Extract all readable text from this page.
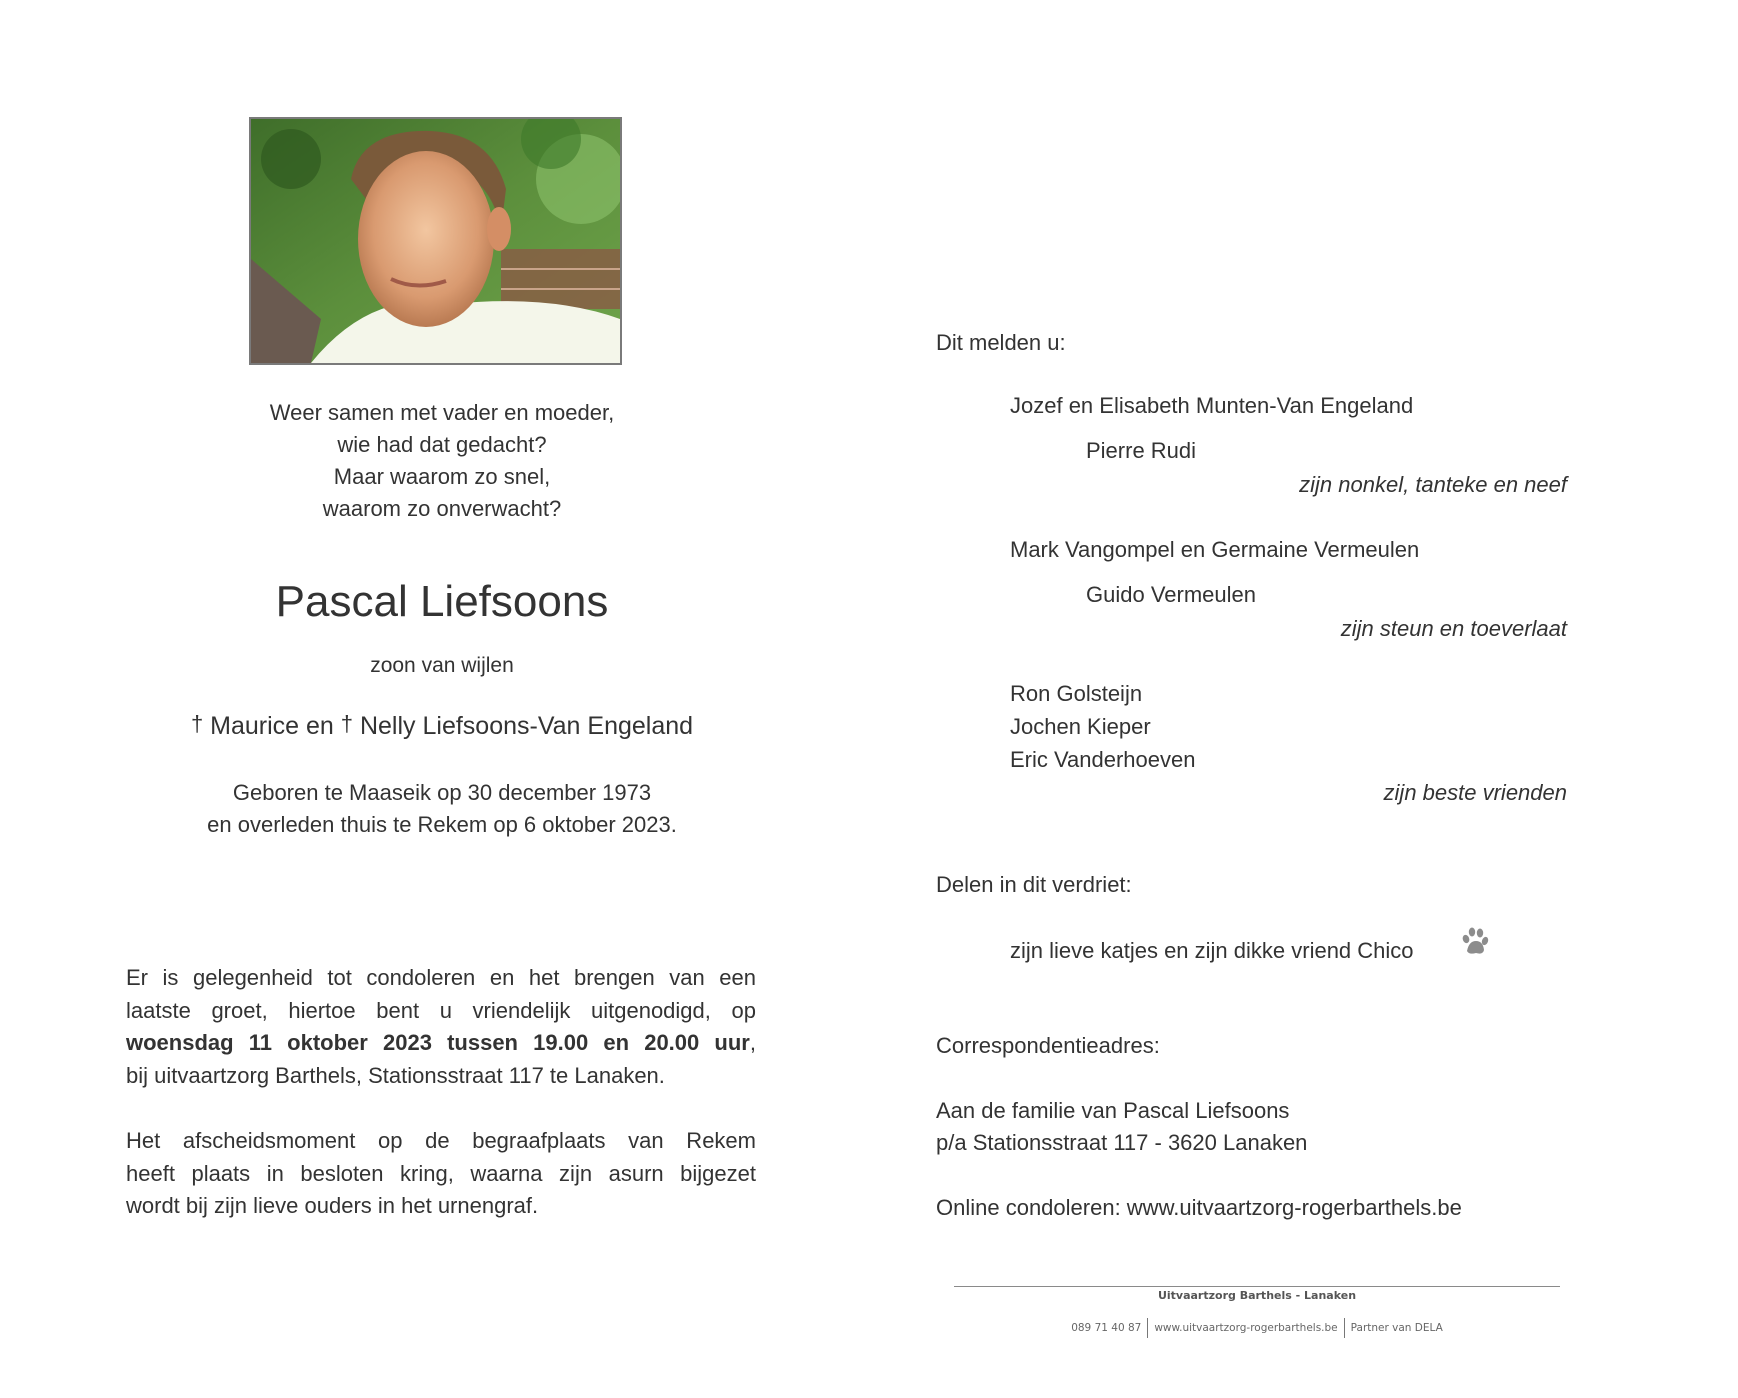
Weer samen met vader en moeder,
wie had dat gedacht?
Maar waarom zo snel,
waarom zo onverwacht?
Pascal Liefsoons
zoon van wijlen
† Maurice en † Nelly Liefsoons-Van Engeland
Geboren te Maaseik op 30 december 1973
en overleden thuis te Rekem op 6 oktober 2023.
Er is gelegenheid tot condoleren en het brengen van een
laatste groet, hiertoe bent u vriendelijk uitgenodigd, op
woensdag 11 oktober 2023 tussen 19.00 en 20.00 uur,
bij uitvaartzorg Barthels, Stationsstraat 117 te Lanaken.
Het afscheidsmoment op de begraafplaats van Rekem
heeft plaats in besloten kring, waarna zijn asurn bijgezet
wordt bij zijn lieve ouders in het urnengraf.
Dit melden u:
Jozef en Elisabeth Munten-Van Engeland
Pierre Rudi
zijn nonkel, tanteke en neef
Mark Vangompel en Germaine Vermeulen
Guido Vermeulen
zijn steun en toeverlaat
Ron Golsteijn
Jochen Kieper
Eric Vanderhoeven
zijn beste vrienden
Delen in dit verdriet:
zijn lieve katjes en zijn dikke vriend Chico
Correspondentieadres:
Aan de familie van Pascal Liefsoons
p/a Stationsstraat 117 - 3620 Lanaken
Online condoleren: www.uitvaartzorg-rogerbarthels.be
Uitvaartzorg Barthels - Lanaken
089 71 40 87 www.uitvaartzorg-rogerbarthels.be Partner van DELA
